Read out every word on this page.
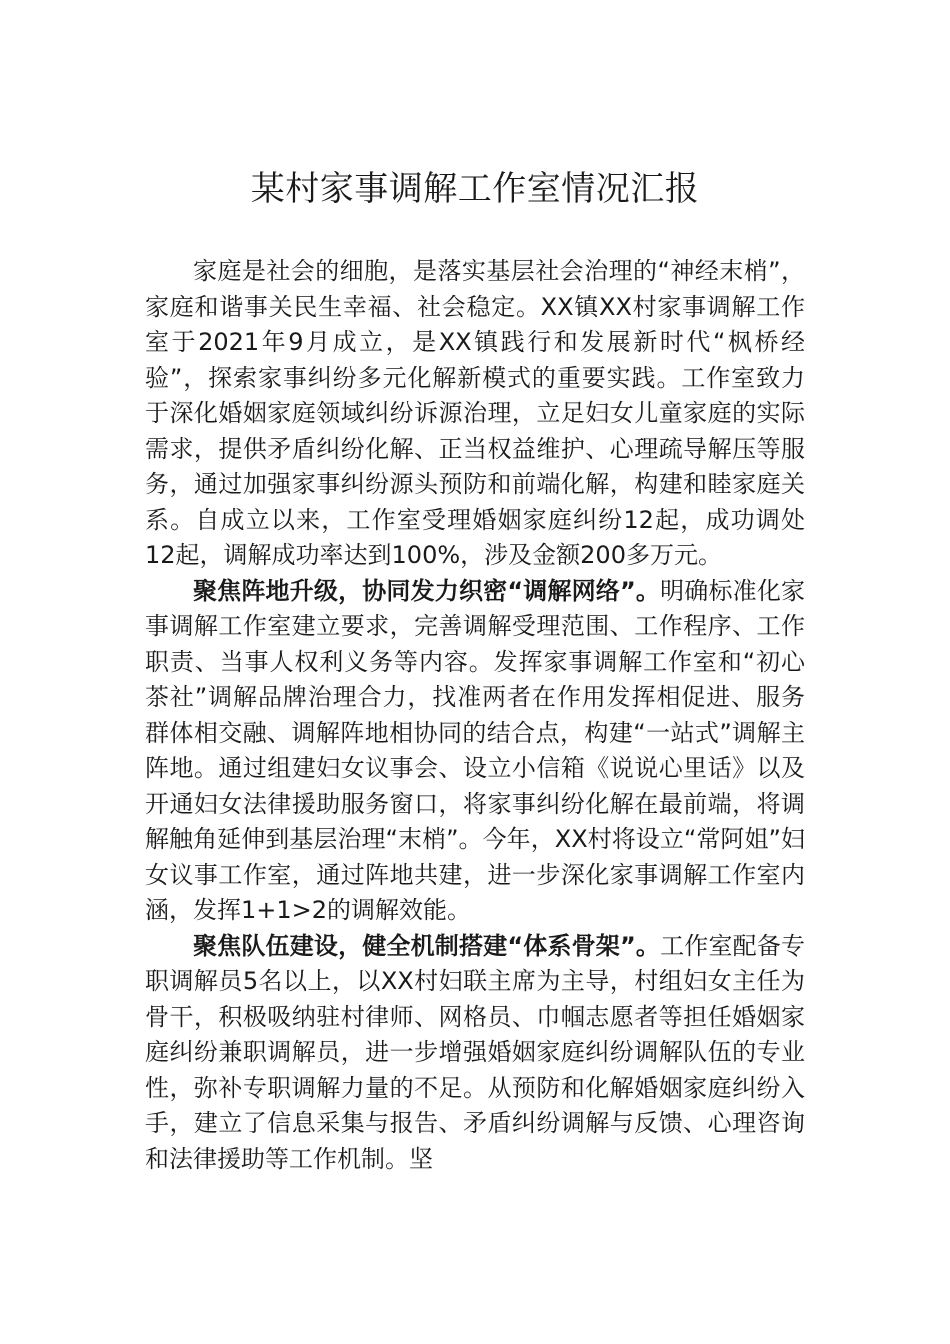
某村家事调解工作室情况汇报

家庭是社会的细胞，是落实基层社会治理的“神经末梢”，家庭和谐事关民生幸福、社会稳定。XX镇XX村家事调解工作室于2021年9月成立，是XX镇践行和发展新时代“枫桥经验”，探索家事纠纷多元化解新模式的重要实践。工作室致力于深化婚姻家庭领域纠纷诉源治理，立足妇女儿童家庭的实际需求，提供矛盾纠纷化解、正当权益维护、心理疏导解压等服务，通过加强家事纠纷源头预防和前端化解，构建和睦家庭关系。自成立以来，工作室受理婚姻家庭纠纷12起，成功调处12起，调解成功率达到100%，涉及金额200多万元。

聚焦阵地升级，协同发力织密“调解网络”。明确标准化家事调解工作室建立要求，完善调解受理范围、工作程序、工作职责、当事人权利义务等内容。发挥家事调解工作室和“初心茶社”调解品牌治理合力，找准两者在作用发挥相促进、服务群体相交融、调解阵地相协同的结合点，构建“一站式”调解主阵地。通过组建妇女议事会、设立小信箱《说说心里话》以及开通妇女法律援助服务窗口，将家事纠纷化解在最前端，将调解触角延伸到基层治理“末梢”。今年，XX村将设立“常阿姐”妇女议事工作室，通过阵地共建，进一步深化家事调解工作室内涵，发挥1+1>2的调解效能。

聚焦队伍建设，健全机制搭建“体系骨架”。工作室配备专职调解员5名以上，以XX村妇联主席为主导，村组妇女主任为骨干，积极吸纳驻村律师、网格员、巾帼志愿者等担任婚姻家庭纠纷兼职调解员，进一步增强婚姻家庭纠纷调解队伍的专业性，弥补专职调解力量的不足。从预防和化解婚姻家庭纠纷入手，建立了信息采集与报告、矛盾纠纷调解与反馈、心理咨询和法律援助等工作机制。坚
